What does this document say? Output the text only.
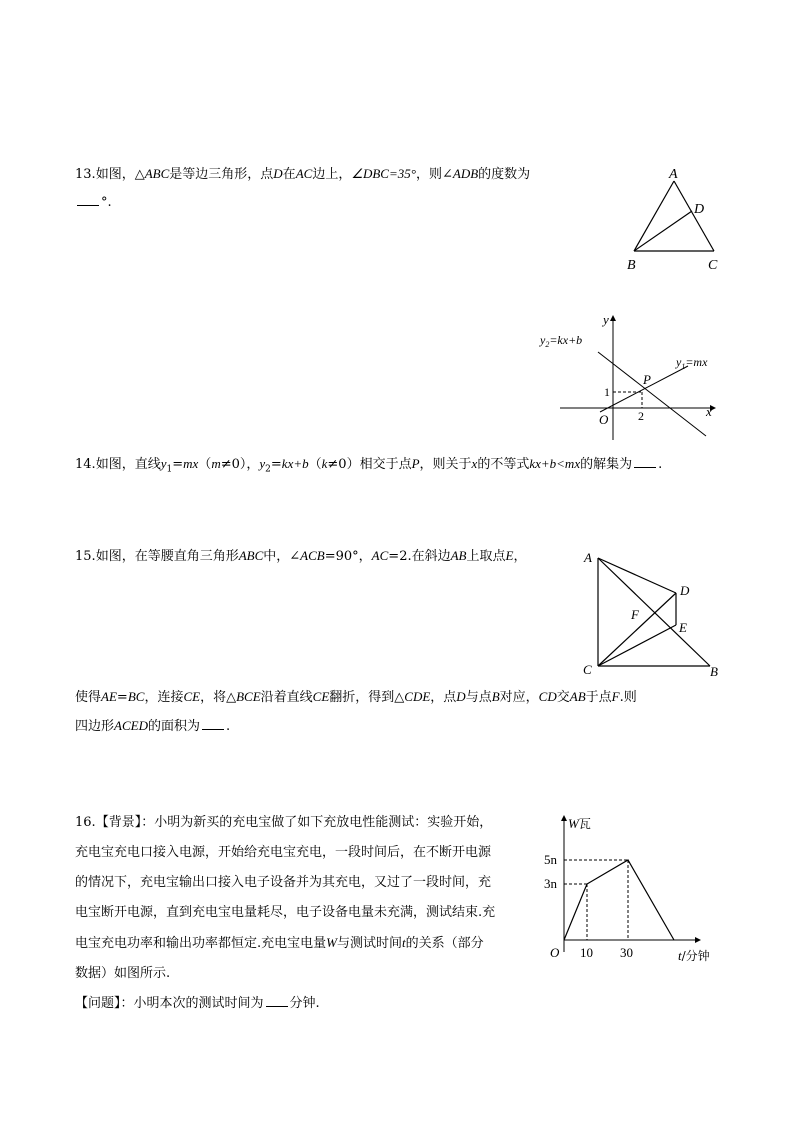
13.如图，△ABC是等边三角形，点D在AC边上，∠DBC=35°，则∠ADB的度数为
°.
A
D
B	C
y
x
O
$y_2=kx+b$
$y_1=mx$
P
1
2
14.如图，直线$y_1=mx(m\ne 0)$，$y_2=kx+b(k\ne 0)$相交于点P，则关于x的不等式kx+b<mx的解集为 .
15.如图，在等腰直角三角形ABC中，∠ACB=90°，AC=2.在斜边AB上取点E，	A
D
F
E
C	B
使得AE=BC，连接CE，将△BCE沿着直线CE翻折，得到△CDE，点D与点B对应，CD交AB于点F.则
四边形ACED的面积为 .
16.【背景】：小明为新买的充电宝做了如下充放电性能测试：实验开始，
充电宝充电口接入电源，开始给充电宝充电，一段时间后，在不断开电源
的情况下，充电宝输出口接入电子设备并为其充电，又过了一段时间，充
电宝断开电源，直到充电宝电量耗尽，电子设备电量未充满，测试结束.充
电宝充电功率和输出功率都恒定.充电宝电量W与测试时间t的关系（部分
数据）如图所示.
【问题】：小明本次的测试时间为 分钟.
W瓦
5n
3n
O 10 30	t/分钟
